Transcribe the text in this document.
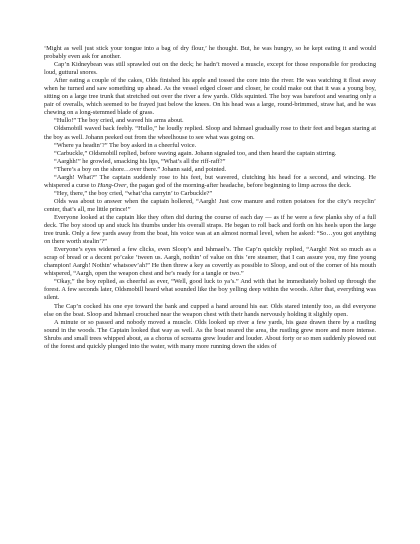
‘Might as well just stick your tongue into a bag of dry flour,’ he thought. But, he was hungry, so he kept eating it and would probably even ask for another.

Cap’n Kidneybean was still sprawled out on the deck; he hadn’t moved a muscle, except for those responsible for producing loud, guttural snores.

After eating a couple of the cakes, Olds finished his apple and tossed the core into the river. He was watching it float away when he turned and saw something up ahead. As the vessel edged closer and closer, he could make out that it was a young boy, sitting on a large tree trunk that stretched out over the river a few yards. Olds squinted. The boy was barefoot and wearing only a pair of overalls, which seemed to be frayed just below the knees. On his head was a large, round-brimmed, straw hat, and he was chewing on a long-stemmed blade of grass.

“Hullo!” The boy cried, and waved his arms about.

Oldsmobill waved back feebly. “Hullo,” he loudly replied. Sloop and Ishmael gradually rose to their feet and began staring at the boy as well. Johann peeked out from the wheelhouse to see what was going on.

“Where ya headin’?” The boy asked in a cheerful voice.

“Carbuckle,” Oldsmobill replied, before waving again. Johann signaled too, and then heard the captain stirring.

“Aarghh!” he growled, smacking his lips, “What’s all the riff-raff?”

“There’s a boy on the shore…over there.” Johann said, and pointed.

“Aargh! What?” The captain suddenly rose to his feet, but wavered, clutching his head for a second, and wincing. He whispered a curse to Hung-Over, the pagan god of the morning-after headache, before beginning to limp across the deck.

“Hey, there,” the boy cried, “what’cha carryin’ to Carbuckle?”

Olds was about to answer when the captain hollered, “Aargh! Just cow manure and rotten potatoes for the city’s recyclin’ center, that’s all, me little prince!”

Everyone looked at the captain like they often did during the course of each day — as if he were a few planks shy of a full deck. The boy stood up and stuck his thumbs under his overall straps. He began to roll back and forth on his heels upon the large tree trunk. Only a few yards away from the boat, his voice was at an almost normal level, when he asked: “So…you got anything on there worth stealin’?”

Everyone’s eyes widened a few clicks, even Sloop’s and Ishmael’s. The Cap’n quickly replied, “Aargh! Not so much as a scrap of bread or a decent po’cake ’tween us. Aargh, nothin’ of value on this ’ere steamer, that I can assure you, my fine young champion! Aargh! Nothin’ whatsoev’ah!” He then threw a key as covertly as possible to Sloop, and out of the corner of his mouth whispered, “Aargh, open the weapon chest and be’s ready for a tangle or two.”

“Okay,” the boy replied, as cheerful as ever, “Well, good luck to ya’s.” And with that he immediately bolted up through the forest. A few seconds later, Oldsmobill heard what sounded like the boy yelling deep within the woods. After that, everything was silent.

The Cap’n cocked his one eye toward the bank and cupped a hand around his ear. Olds stared intently too, as did everyone else on the boat. Sloop and Ishmael crouched near the weapon chest with their hands nervously holding it slightly open.

A minute or so passed and nobody moved a muscle. Olds looked up river a few yards, his gaze drawn there by a rustling sound in the woods. The Captain looked that way as well. As the boat neared the area, the rustling grew more and more intense. Shrubs and small trees whipped about, as a chorus of screams grew louder and louder. About forty or so men suddenly plowed out of the forest and quickly plunged into the water, with many more running down the sides of
